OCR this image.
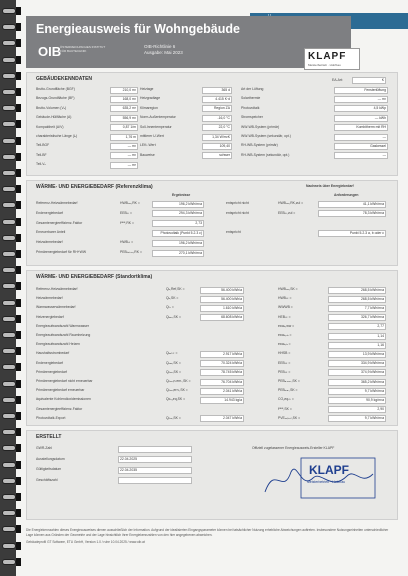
Energieausweis für Wohngebäude
OIB
ÖSTERREICHISCHES INSTITUT FÜR BAUTECHNIK
OIB-Richtlinie 6
Ausgabe: Mai 2023	KLAPF
Meisterbetrieb · Holzbau
GEBÄUDEKENNDATEN	EA-Art:	K
Brutto-Grundfläche (BGF)	210,0 m²
Bezugs-Grundfläche (BF)	168,0 m²
Brutto-Volumen (Vₑ)	635,2 m³
Gebäude-Hüllfläche (A)	556,9 m²
Kompaktheit (A/V)	0,87 1/m
charakteristische Länge (lₑ)	1,76 m
Teil-BGF	— m²
Teil-BF	— m²
Teil-Vₑ	— m³
Heiztage	365 d
Heizgradtage	4.415 K·d
Klimaregion	Region ZA
Norm-Außentemperatur	-16,0 °C
Soll-Innentemperatur	22,0 °C
mittlerer U-Wert	1,34 W/m²K
LEKₜ-Wert	109,40
Bauweise	schwer
Art der Lüftung	Fensterlüftung
Solarthermie	— m²
Photovoltaik	4,5 kWp
Stromspeicher	— kWh
WW-WB-System (primär)	Kombitherm mit RH
WW-WB-System (sekundär, opt.)	—
RH-WB-System (primär)	Gaskessel
RH-WB-System (sekundär, opt.)	—
WÄRME- UND ENERGIEBEDARF (Referenzklima)
Ergebnisse
Nachweis über Energiebedarf
Anforderungen
Referenz-Heizwärmebedarf	HWBᵣₑₒ,RK =	196,2 kWh/m²a	entspricht nicht	HWBᵣₑₒ,RK,zul =	41,1 kWh/m²a
Endenergiebedarf	EEBᵣₖ =	294,3 kWh/m²a	entspricht nicht	EEBᵣₖ,zul =	78,3 kWh/m²a
Gesamtenergieeffizienz-Faktor	fᴳᴱᴱ,RK =	2,73
Erneuerbarer Anteil	Photovoltaik (Punkt 5.2.3 c)	entspricht	Punkt 5.2.3 a, b oder c
Heizwärmebedarf	HWBᵣₖ =	196,2 kWh/m²a
Primärenergiebedarf für RH+WW	PEBᵣₕ₊ᵤᵤ,RK =	270,1 kWh/m²a
WÄRME- UND ENERGIEBEDARF (Standortklima)
Referenz-Heizwärmebedarf	Qₕ,Ref,SK =	56.400 kWh/a	HWBᵣₑₒ,SK =	268,5 kWh/m²a
Heizwärmebedarf	Qₕ,SK =	56.400 kWh/a	HWBₛₖ =	268,5 kWh/m²a
Warmwasserwärmebedarf	Qₜᵤ =	1.610 kWh/a	WWWB =	7,7 kWh/m²a
Heizenergiebedarf	Qₕₑₒ,SK =	68.608 kWh/a	HEBₛₖ =	326,7 kWh/m²a
Energieaufwandszahl Warmwasser	eᴀᴡₕ,ᴡᴡ =	2,77
Energieaufwandszahl Raumheizung	eᴀᴡₕ,ᵣₕ =	1,14
Energieaufwandszahl Heizen	eᴀᴡₕ,ₕ =	1,16
Haushaltsstrombedarf	Qₕₑₜₛₜ =	2.917 kWh/a	HHSB =	13,9 kWh/m²a
Endenergiebedarf	Qₑₑₑ,SK =	70.324 kWh/a	EEBₛₖ =	334,9 kWh/m²a
Primärenergiebedarf	Qₚₑₑ,SK =	78.745 kWh/a	PEBₛₖ =	374,9 kWh/m²a
Primärenergiebedarf nicht erneuerbar	Qₚₑₑ,n.ern.,SK =	76.704 kWh/a	PEBₙ.ₑᵣₙ.,SK =	365,2 kWh/m²a
Primärenergiebedarf erneuerbar	Qₚₑₑ,ern.,SK =	2.041 kWh/a	PEBₑᵣₙ.,SK =	9,7 kWh/m²a
äquivalente Kohlendioxidemissionen	Qᴄₒ₂eq,SK =	14.943 kg/a	CO₂eqₛₖ =	90,9 kg/m²a
Gesamtenergieeffizienz-Faktor	fᴳᴱᴱ,SK =	2,90
Photovoltaik-Export	Qₚᵥₑ,SK =	2.047 kWh/a	PVEₑₓₚₒᵣₜ,SK =	9,7 kWh/m²a
ERSTELLT
GWR-Zahl
Ausstellungsdatum	22.04.2025
Gültigkeitsdatum	22.04.2035
Geschäftszahl
Offiziell zugelassener Energieausweis-Ersteller KLAPF
KLAPF
Meisterbetrieb · Holzbau
Die Energiekennzahlen dieses Energieausweises dienen ausschließlich der Information. Aufgrund der idealisierten Eingangsparameter können bei tatsächlicher Nutzung erhebliche Abweichungen auftreten. Insbesondere Nutzungseinheiten unterschiedlicher Lage können aus Gründen der Geometrie und der Lage hinsichtlich ihrer Energiekennzahlen von den hier angegebenen abweichen.
GebäudeprofiI GT Software, ETU GmbH, Version 1.0 / ruhe 10.04.2025 / www.oib.at
